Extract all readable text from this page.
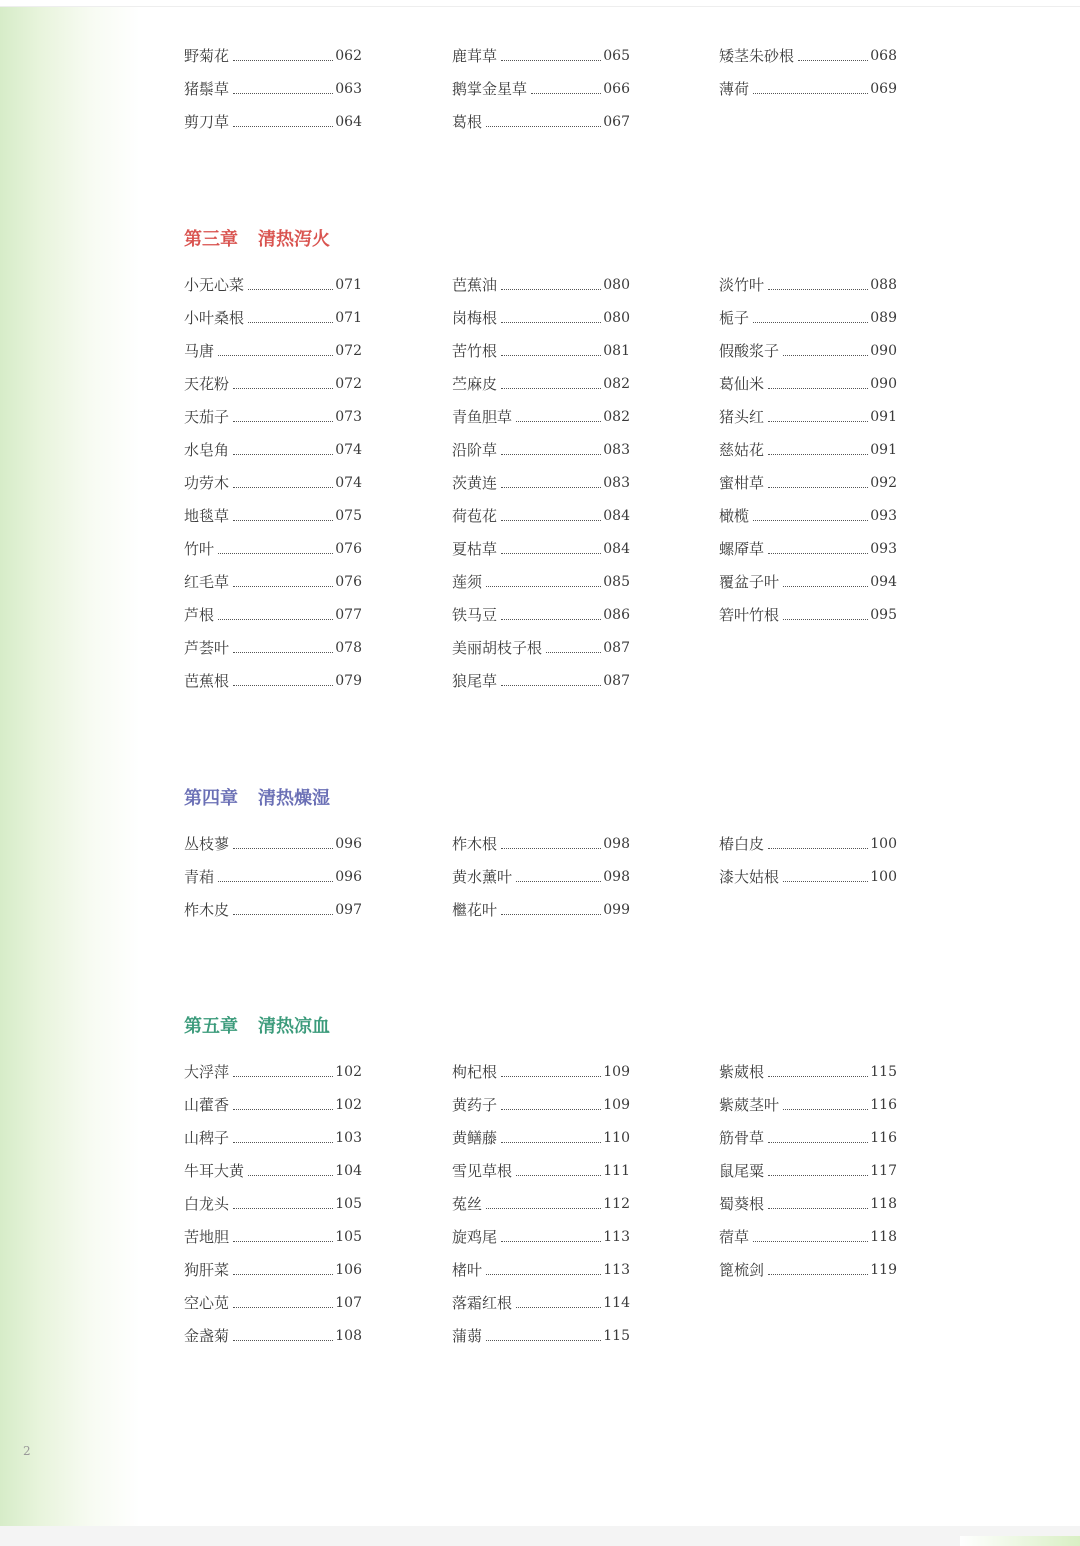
野菊花	062
猪鬃草	063
剪刀草	064
鹿茸草	065
鹅掌金星草	066
葛根	067
矮茎朱砂根	068
薄荷	069
第三章 清热泻火
小无心菜	071
小叶桑根	071
马唐	072
天花粉	072
天茄子	073
水皂角	074
功劳木	074
地毯草	075
竹叶	076
红毛草	076
芦根	077
芦荟叶	078
芭蕉根	079
芭蕉油	080
岗梅根	080
苦竹根	081
苎麻皮	082
青鱼胆草	082
沿阶草	083
茨黄连	083
荷苞花	084
夏枯草	084
莲须	085
铁马豆	086
美丽胡枝子根	087
狼尾草	087
淡竹叶	088
栀子	089
假酸浆子	090
葛仙米	090
猪头红	091
慈姑花	091
蜜柑草	092
橄榄	093
螺厣草	093
覆盆子叶	094
箬叶竹根	095
第四章 清热燥湿
丛枝蓼	096
青葙	096
柞木皮	097
柞木根	098
黄水薰叶	098
檵花叶	099
椿白皮	100
漆大姑根	100
第五章 清热凉血
大浮萍	102
山藿香	102
山稗子	103
牛耳大黄	104
白龙头	105
苦地胆	105
狗肝菜	106
空心苋	107
金盏菊	108
枸杞根	109
黄药子	109
黄鳝藤	110
雪见草根	111
菟丝	112
旋鸡尾	113
楮叶	113
落霜红根	114
蒲蒻	115
紫葳根	115
紫葳茎叶	116
筋骨草	116
鼠尾粟	117
蜀葵根	118
蓿草	118
篦梳剑	119
2
